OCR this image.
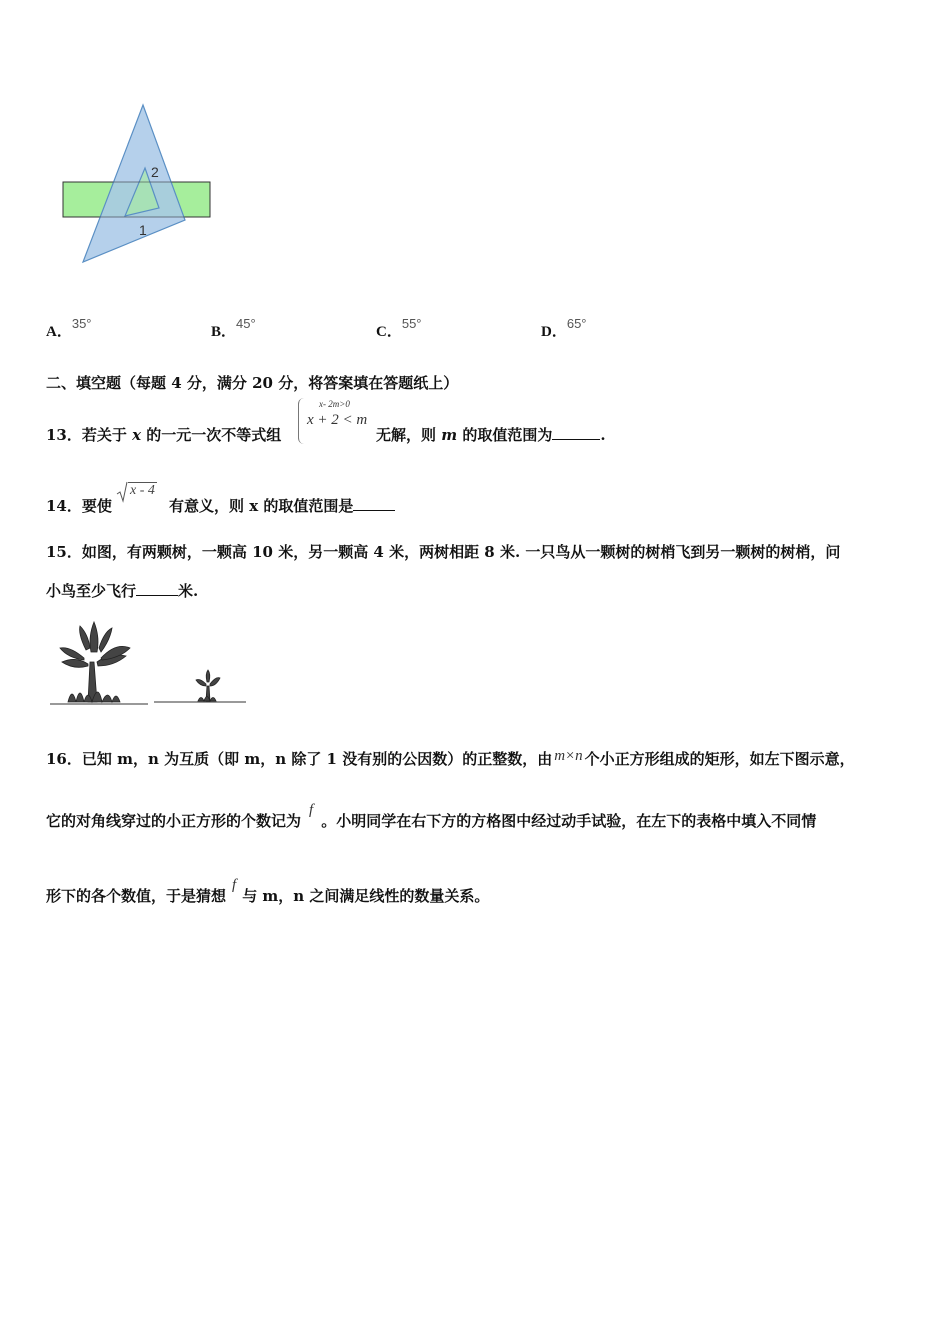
2
1
A．35°
B．45°
C．55°
D．65°
二、填空题（每题 4 分，满分 20 分，将答案填在答题纸上）
13．若关于 x 的一元一次不等式组
x- 2m>0
x + 2 < m
无解，则 m 的取值范围为	.
14．要使
x - 4
有意义，则 x 的取值范围是
15．如图，有两颗树，一颗高 10 米，另一颗高 4 米，两树相距 8 米. 一只鸟从一颗树的树梢飞到另一颗树的树梢，问
小鸟至少飞行	米.
16．已知 m，n 为互质（即 m，n 除了 1 没有别的公因数）的正整数，由 m×n 个小正方形组成的矩形，如左下图示意，
它的对角线穿过的小正方形的个数记为f。小明同学在右下方的方格图中经过动手试验，在左下的表格中填入不同情
形下的各个数值，于是猜想f与 m，n 之间满足线性的数量关系。
